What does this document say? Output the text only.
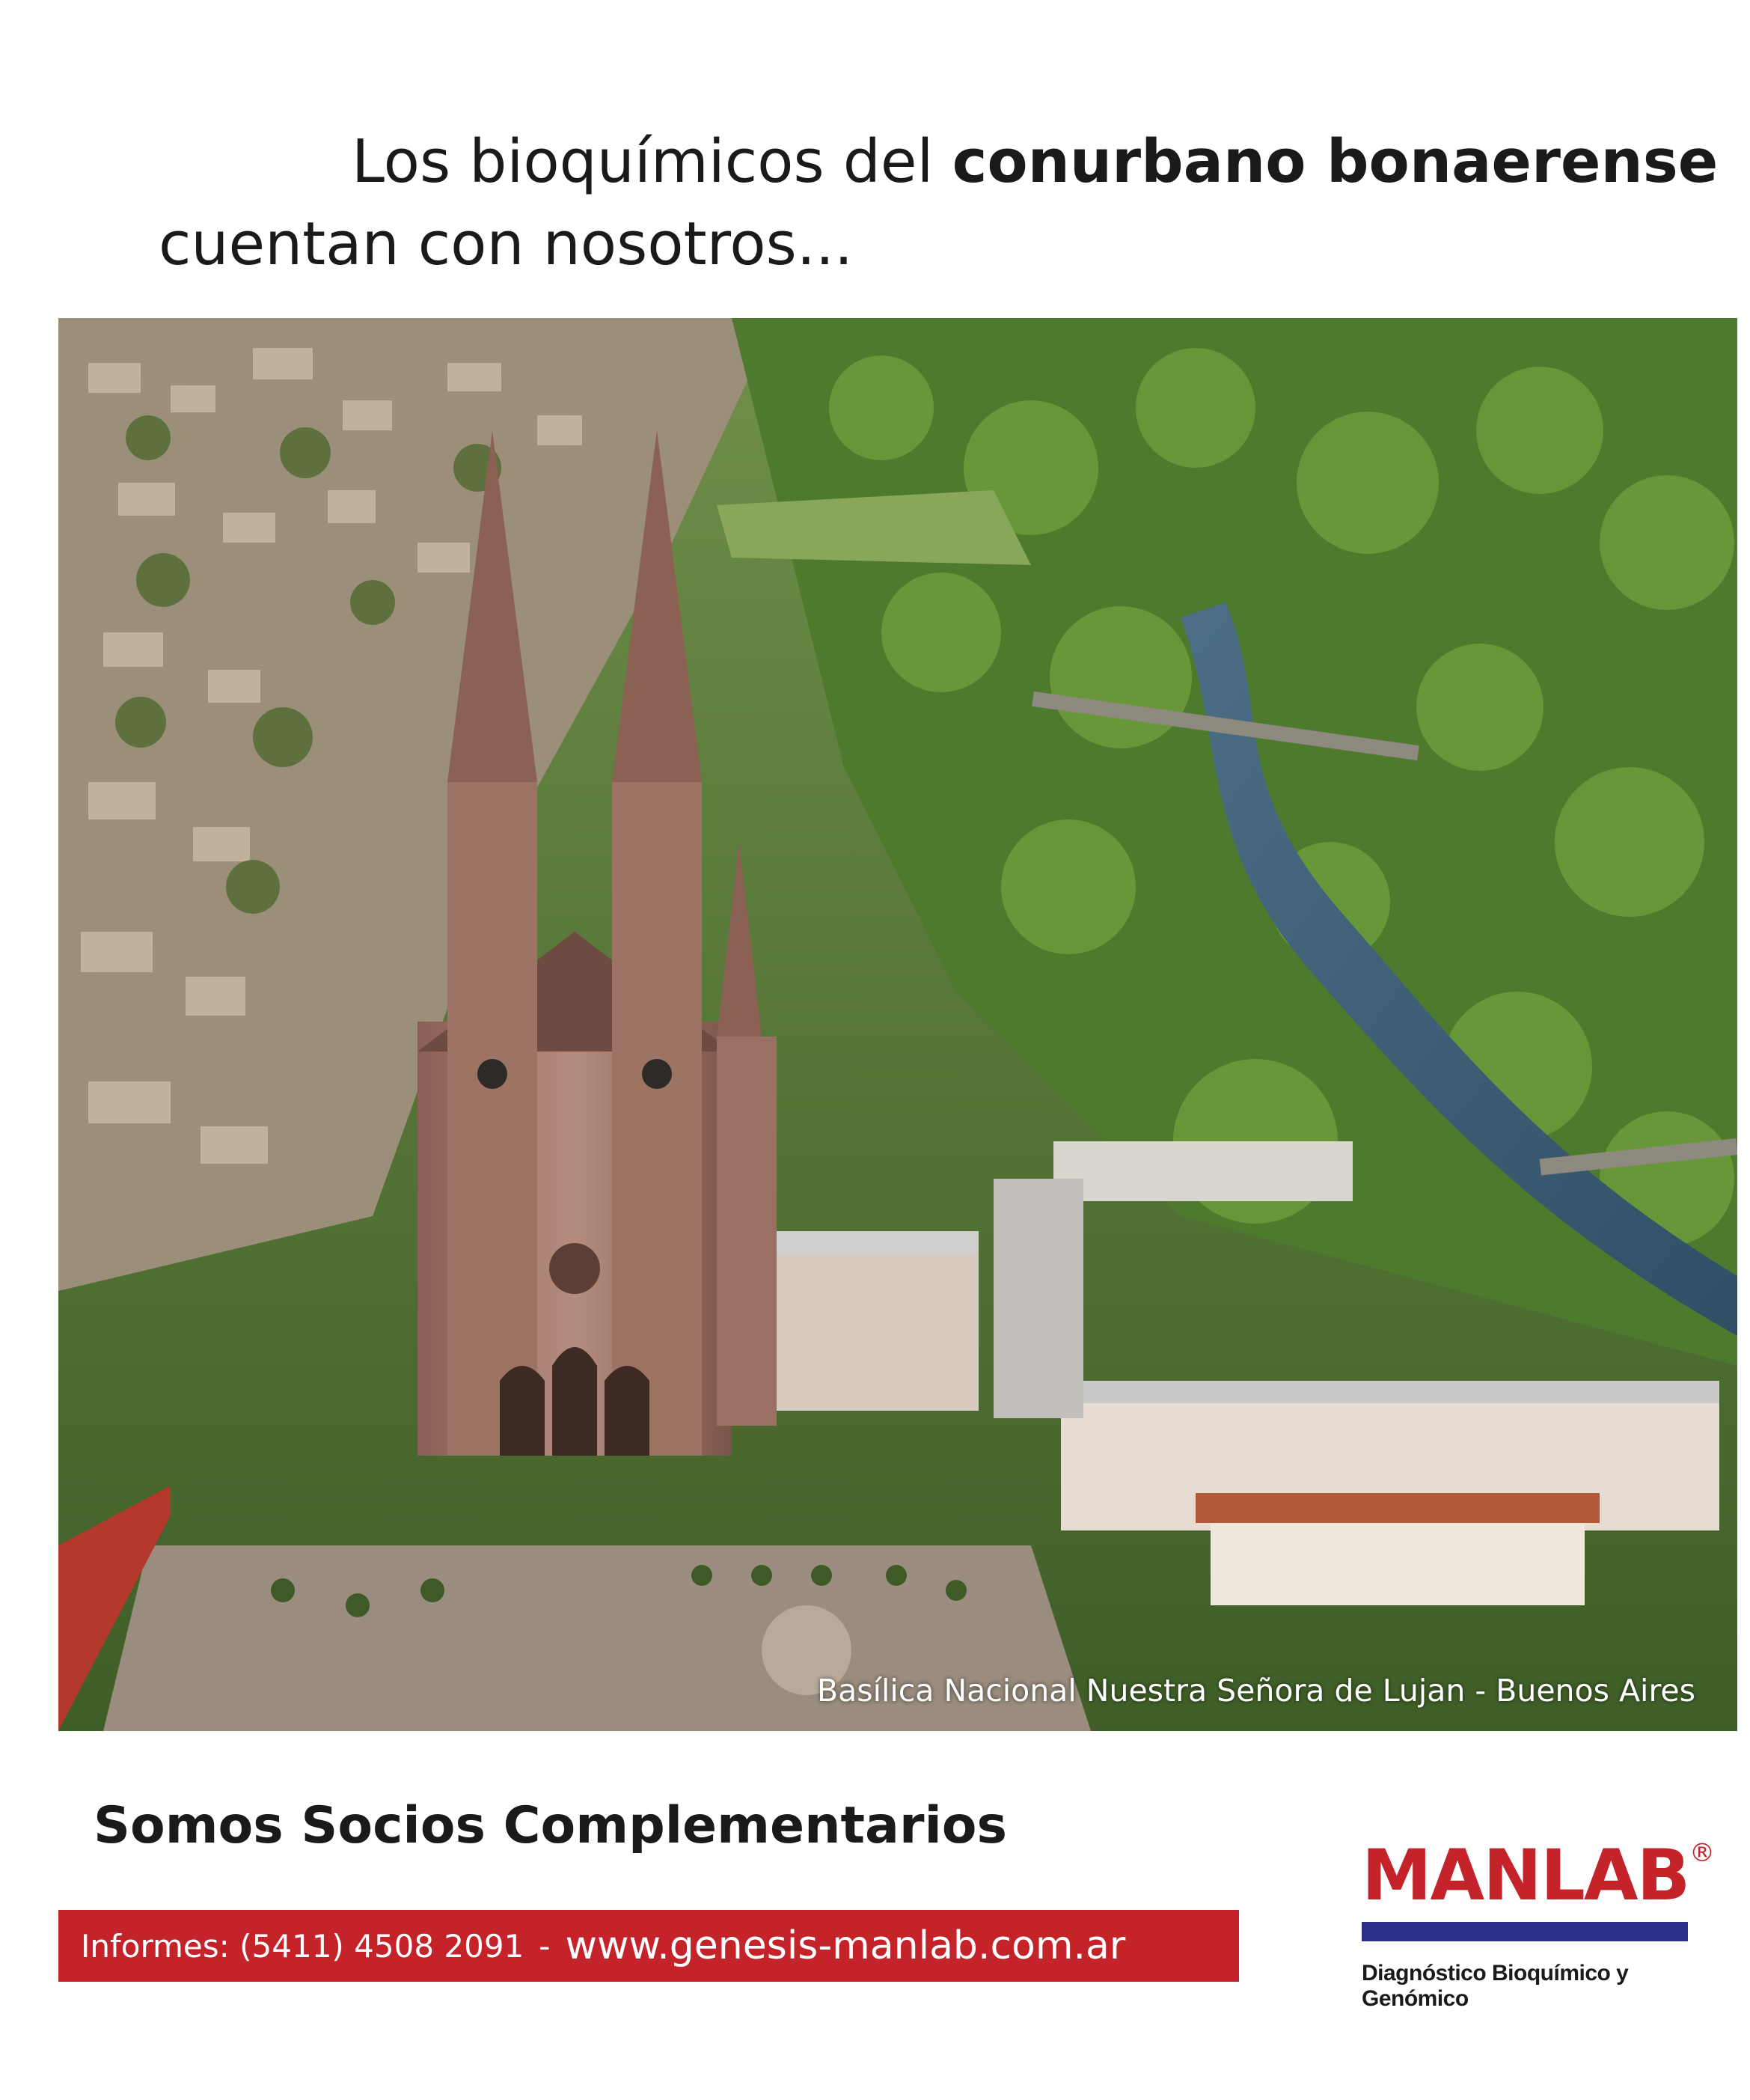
Los bioquímicos del conurbano bonaerense
cuentan con nosotros...
Basílica Nacional Nuestra Señora de Lujan - Buenos Aires
Somos Socios Complementarios
Informes: (5411) 4508 2091 - www.genesis-manlab.com.ar
MANLAB ®
Diagnóstico Bioquímico y Genómico
